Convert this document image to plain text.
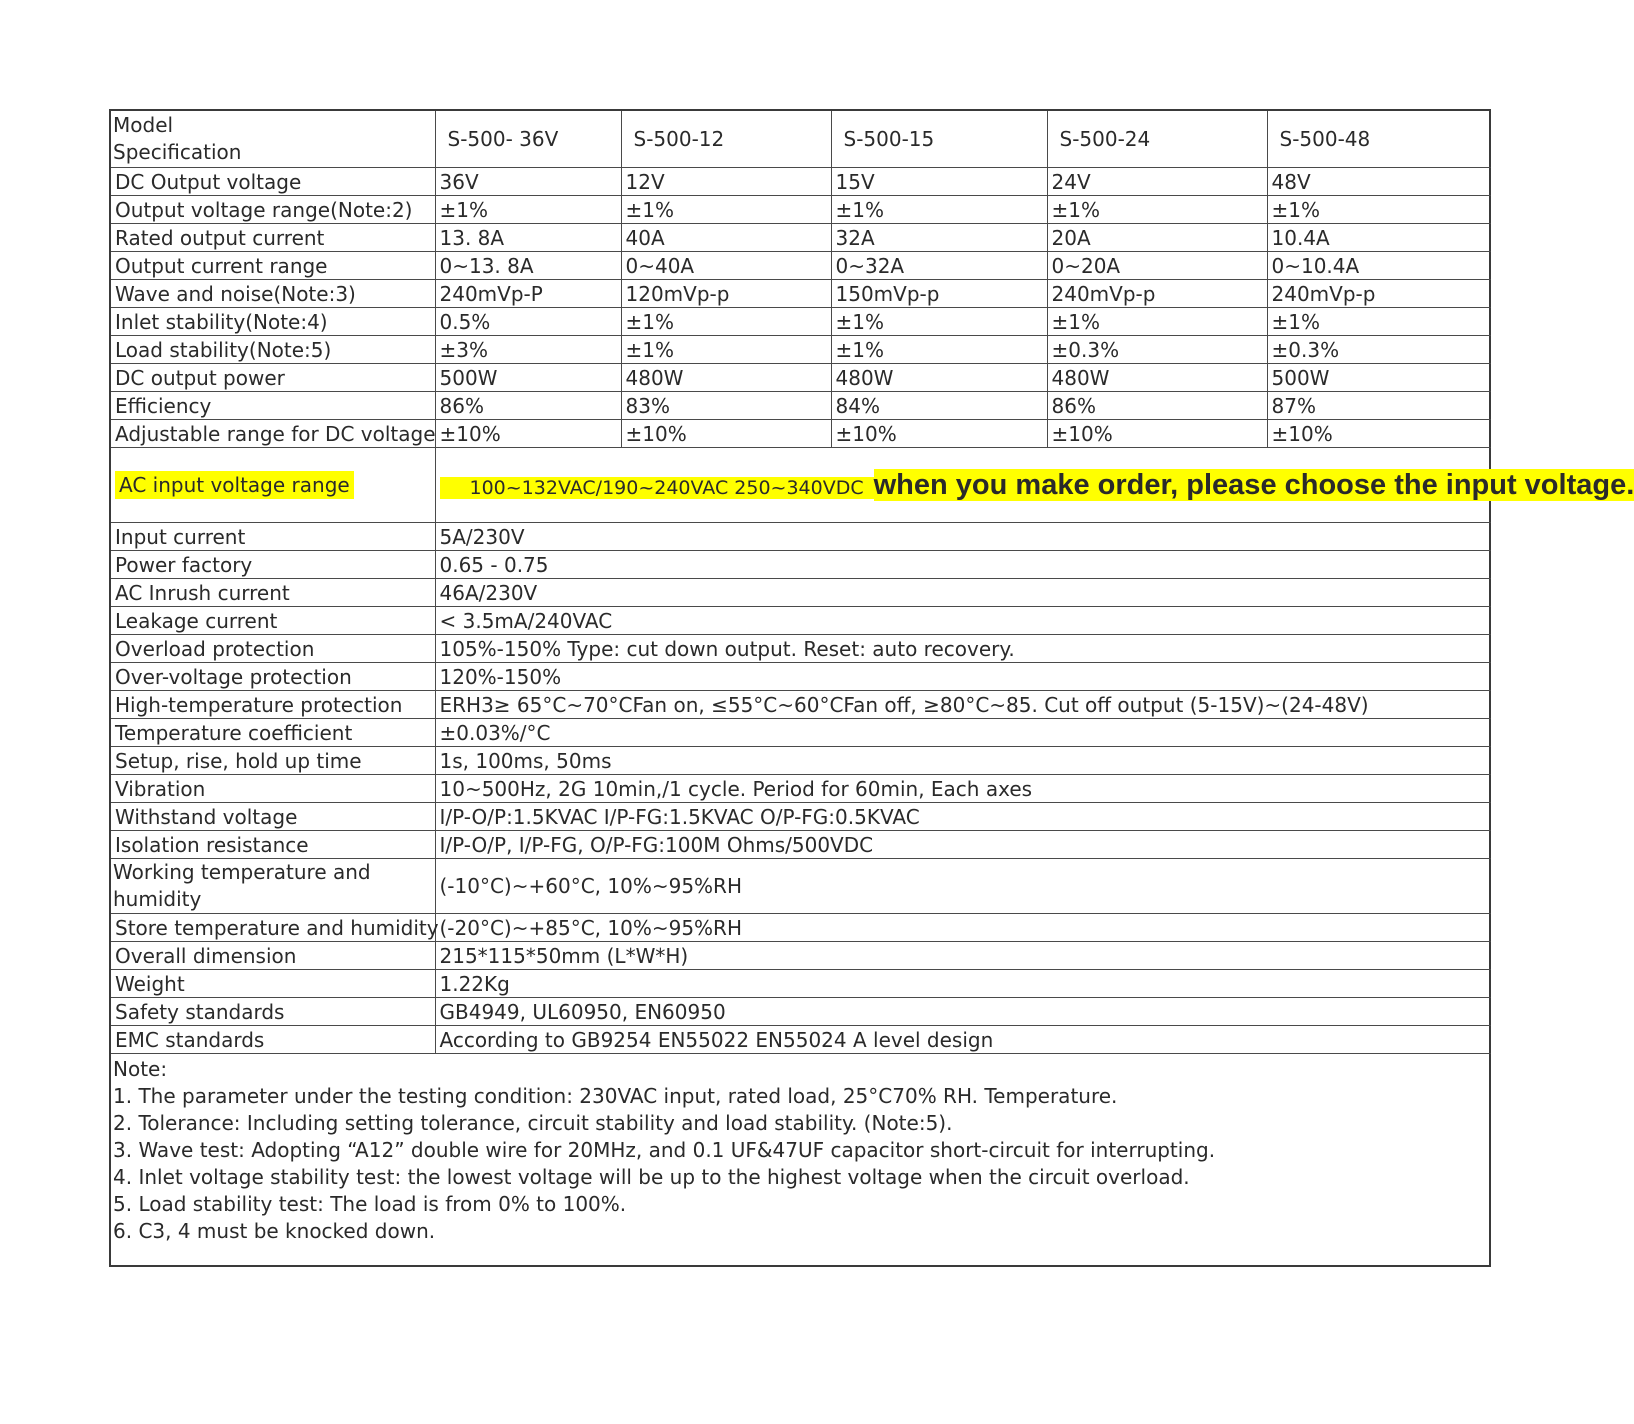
Model
Specification	S-500- 36V	S-500-12	S-500-15	S-500-24	S-500-48
DC Output voltage	36V	12V	15V	24V	48V
Output voltage range(Note:2)	±1%	±1%	±1%	±1%	±1%
Rated output current	13. 8A	40A	32A	20A	10.4A
Output current range	0~13. 8A	0~40A	0~32A	0~20A	0~10.4A
Wave and noise(Note:3)	240mVp-P	120mVp-p	150mVp-p	240mVp-p	240mVp-p
Inlet stability(Note:4)	0.5%	±1%	±1%	±1%	±1%
Load stability(Note:5)	±3%	±1%	±1%	±0.3%	±0.3%
DC output power	500W	480W	480W	480W	500W
Efficiency	86%	83%	84%	86%	87%
Adjustable range for DC voltage	±10%	±10%	±10%	±10%	±10%
AC input voltage range	100~132VAC/190~240VAC 250~340VDC when you make order, please choose the input voltage.				
Input current	5A/230V				
Power factory	0.65 - 0.75				
AC Inrush current	46A/230V				
Leakage current	< 3.5mA/240VAC				
Overload protection	105%-150% Type: cut down output. Reset: auto recovery.				
Over-voltage protection	120%-150%				
High-temperature protection	ERH3≥ 65°C~70°CFan on, ≤55°C~60°CFan off, ≥80°C~85. Cut off output (5-15V)~(24-48V)				
Temperature coefficient	±0.03%/°C				
Setup, rise, hold up time	1s, 100ms, 50ms				
Vibration	10~500Hz, 2G 10min,/1 cycle. Period for 60min, Each axes				
Withstand voltage	I/P-O/P:1.5KVAC I/P-FG:1.5KVAC O/P-FG:0.5KVAC				
Isolation resistance	I/P-O/P, I/P-FG, O/P-FG:100M Ohms/500VDC				
Working temperature and humidity	(-10°C)~+60°C, 10%~95%RH				
Store temperature and humidity	(-20°C)~+85°C, 10%~95%RH				
Overall dimension	215*115*50mm (L*W*H)				
Weight	1.22Kg				
Safety standards	GB4949, UL60950, EN60950				
EMC standards	According to GB9254 EN55022 EN55024 A level design				
Note:
1. The parameter under the testing condition: 230VAC input, rated load, 25°C70% RH. Temperature.
2. Tolerance: Including setting tolerance, circuit stability and load stability. (Note:5).
3. Wave test: Adopting “A12” double wire for 20MHz, and 0.1 UF&47UF capacitor short-circuit for interrupting.
4. Inlet voltage stability test: the lowest voltage will be up to the highest voltage when the circuit overload.
5. Load stability test: The load is from 0% to 100%.
6. C3, 4 must be knocked down.
